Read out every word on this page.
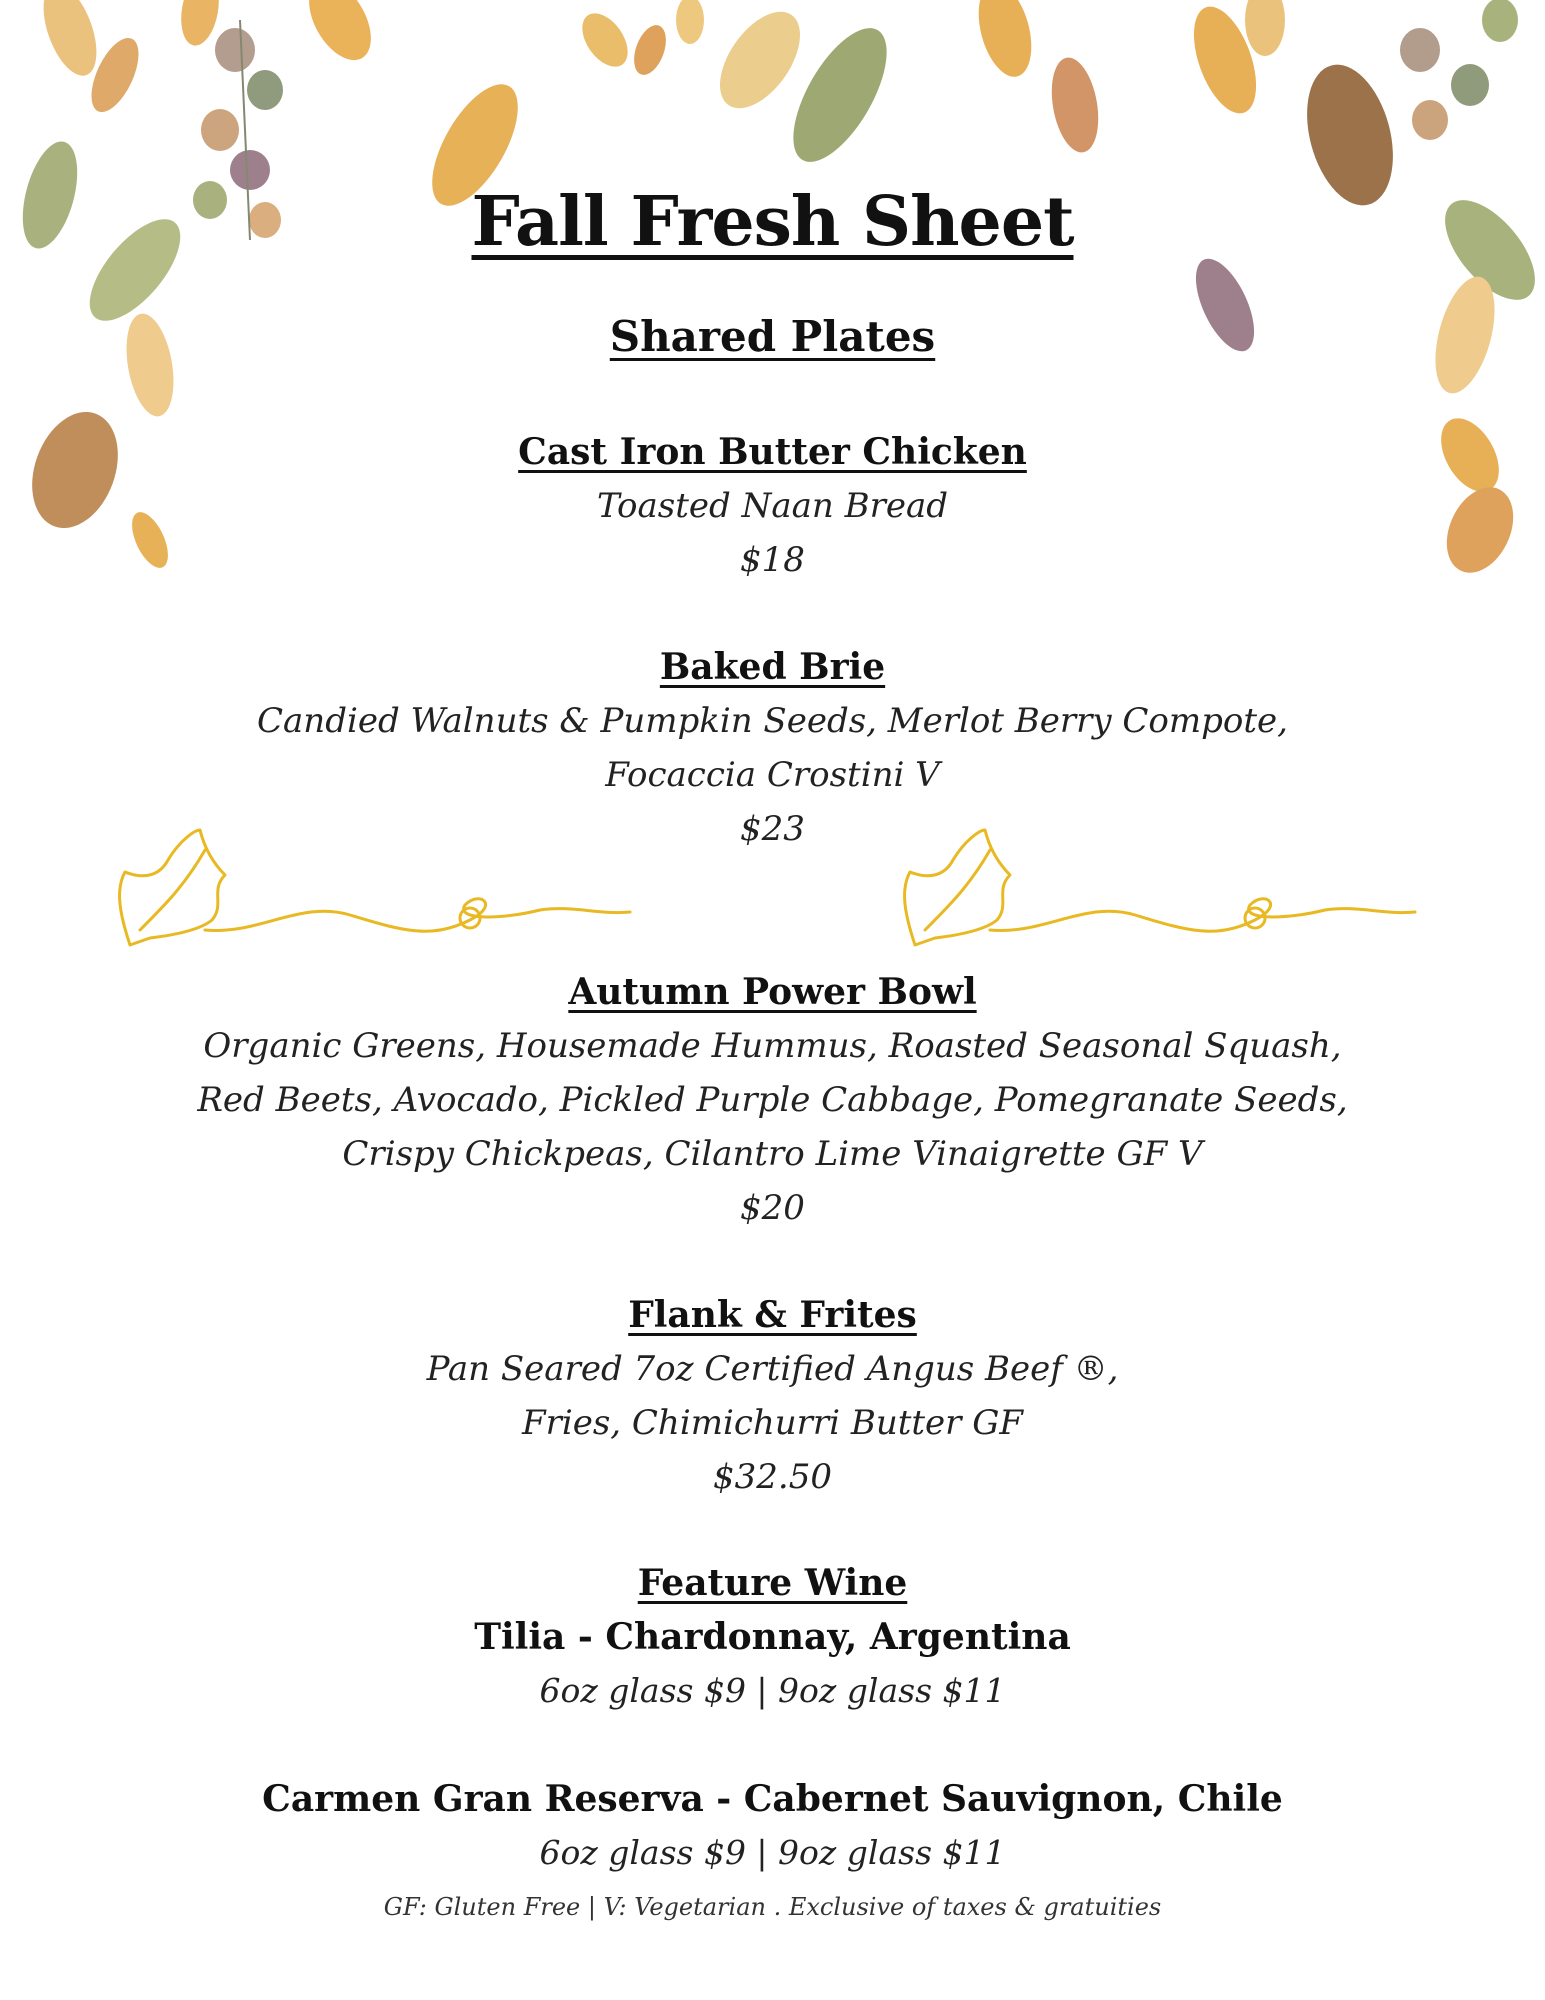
Fall Fresh Sheet
Shared Plates
Cast Iron Butter Chicken
Toasted Naan Bread
$18
Baked Brie
Candied Walnuts & Pumpkin Seeds, Merlot Berry Compote,
Focaccia Crostini V
$23
Autumn Power Bowl
Organic Greens, Housemade Hummus, Roasted Seasonal Squash,
Red Beets, Avocado, Pickled Purple Cabbage, Pomegranate Seeds,
Crispy Chickpeas, Cilantro Lime Vinaigrette GF V
$20
Flank & Frites
Pan Seared 7oz Certified Angus Beef ®,
Fries, Chimichurri Butter GF
$32.50
Feature Wine
Tilia - Chardonnay, Argentina
6oz glass $9 | 9oz glass $11
Carmen Gran Reserva - Cabernet Sauvignon, Chile
6oz glass $9 | 9oz glass $11
GF: Gluten Free | V: Vegetarian . Exclusive of taxes & gratuities
